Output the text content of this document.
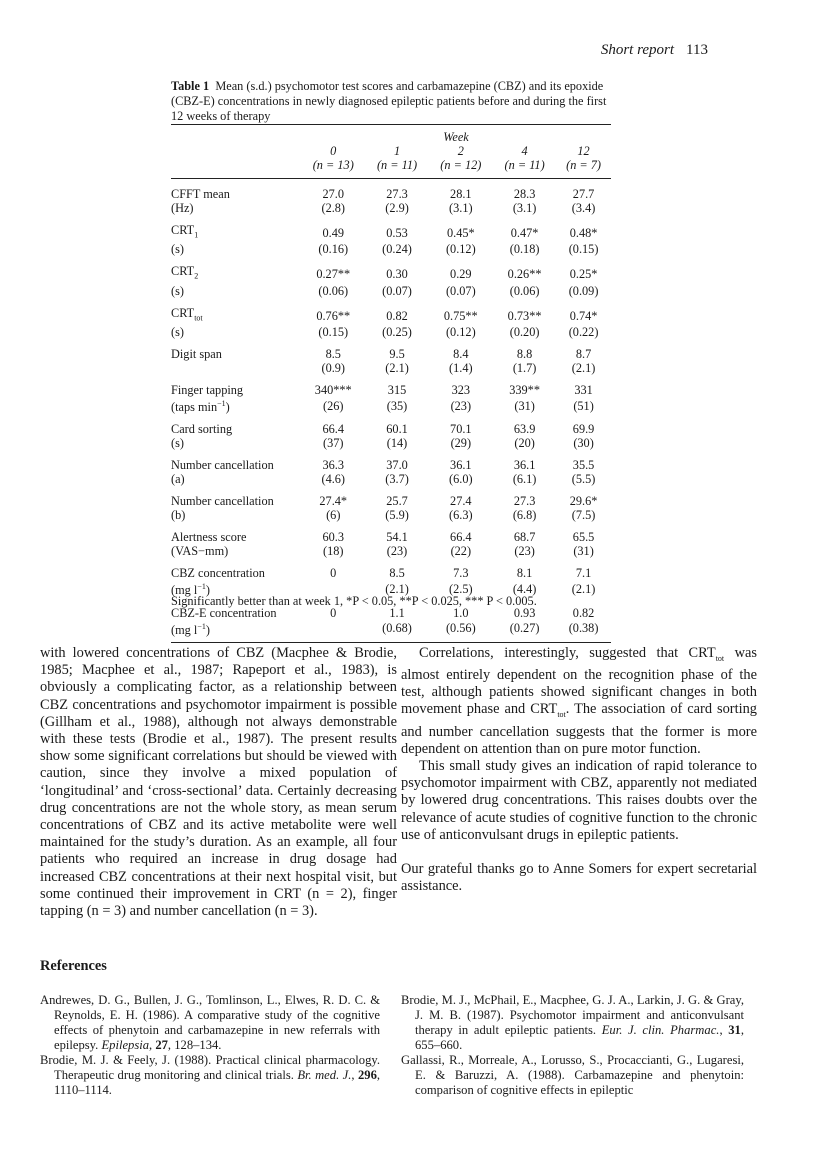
Short report 113
Table 1 Mean (s.d.) psychomotor test scores and carbamazepine (CBZ) and its epoxide (CBZ-E) concentrations in newly diagnosed epileptic patients before and during the first 12 weeks of therapy
	Week				
	0	1	2	4	12
	(n = 13)	(n = 11)	(n = 12)	(n = 11)	(n = 7)
CFFT mean	27.0	27.3	28.1	28.3	27.7
(Hz)	(2.8)	(2.9)	(3.1)	(3.1)	(3.4)

$CRT_1$	0.49	0.53	0.45*	0.47*	0.48*
(s)	(0.16)	(0.24)	(0.12)	(0.18)	(0.15)

$CRT_2$	0.27**	0.30	0.29	0.26**	0.25*
(s)	(0.06)	(0.07)	(0.07)	(0.06)	(0.09)

$CRT_{tot}$	0.76**	0.82	0.75**	0.73**	0.74*
(s)	(0.15)	(0.25)	(0.12)	(0.20)	(0.22)

Digit span	8.5	9.5	8.4	8.8	8.7
	(0.9)	(2.1)	(1.4)	(1.7)	(2.1)

Finger tapping	340***	315	323	339**	331
(taps $\min^{-1}$)	(26)	(35)	(23)	(31)	(51)

Card sorting	66.4	60.1	70.1	63.9	69.9
(s)	(37)	(14)	(29)	(20)	(30)

Number cancellation	36.3	37.0	36.1	36.1	35.5
(a)	(4.6)	(3.7)	(6.0)	(6.1)	(5.5)

Number cancellation	27.4*	25.7	27.4	27.3	29.6*
(b)	(6)	(5.9)	(6.3)	(6.8)	(7.5)

Alertness score	60.3	54.1	66.4	68.7	65.5
(VAS−mm)	(18)	(23)	(22)	(23)	(31)

CBZ concentration	0	8.5	7.3	8.1	7.1
(mg $l^{-1}$)		(2.1)	(2.5)	(4.4)	(2.1)

CBZ-E concentration	0	1.1	1.0	0.93	0.82
(mg $l^{-1}$)		(0.68)	(0.56)	(0.27)	(0.38)
Significantly better than at week 1, *P < 0.05, **P < 0.025, *** P < 0.005.

with lowered concentrations of CBZ (Macphee & Brodie, 1985; Macphee et al., 1987; Rapeport et al., 1983), is obviously a complicating factor, as a relationship between CBZ concentrations and psychomotor impairment is possible (Gillham et al., 1988), although not always demonstrable with these tests (Brodie et al., 1987). The present results show some significant correlations but should be viewed with caution, since they involve a mixed population of ‘longitudinal’ and ‘cross-sectional’ data. Certainly decreasing drug concentrations are not the whole story, as mean serum concentrations of CBZ and its active metabolite were well maintained for the study’s duration. As an example, all four patients who required an increase in drug dosage had increased CBZ concentrations at their next hospital visit, but some continued their improvement in CRT (n = 2), finger tapping (n = 3) and number cancellation (n = 3).

Correlations, interestingly, suggested that $CRT_{tot}$ was almost entirely dependent on the recognition phase of the test, although patients showed significant changes in both movement phase and $CRT_{tot}$. The association of card sorting and number cancellation suggests that the former is more dependent on attention than on pure motor function.

This small study gives an indication of rapid tolerance to psychomotor impairment with CBZ, apparently not mediated by lowered drug concentrations. This raises doubts over the relevance of acute studies of cognitive function to the chronic use of anticonvulsant drugs in epileptic patients.

Our grateful thanks go to Anne Somers for expert secretarial assistance.

References

Andrewes, D. G., Bullen, J. G., Tomlinson, L., Elwes, R. D. C. & Reynolds, E. H. (1986). A comparative study of the cognitive effects of phenytoin and carbamazepine in new referrals with epilepsy. Epilepsia, 27, 128–134.

Brodie, M. J. & Feely, J. (1988). Practical clinical pharmacology. Therapeutic drug monitoring and clinical trials. Br. med. J., 296, 1110–1114.

Brodie, M. J., McPhail, E., Macphee, G. J. A., Larkin, J. G. & Gray, J. M. B. (1987). Psychomotor impairment and anticonvulsant therapy in adult epileptic patients. Eur. J. clin. Pharmac., 31, 655–660.

Gallassi, R., Morreale, A., Lorusso, S., Procaccianti, G., Lugaresi, E. & Baruzzi, A. (1988). Carbamazepine and phenytoin: comparison of cognitive effects in epileptic
